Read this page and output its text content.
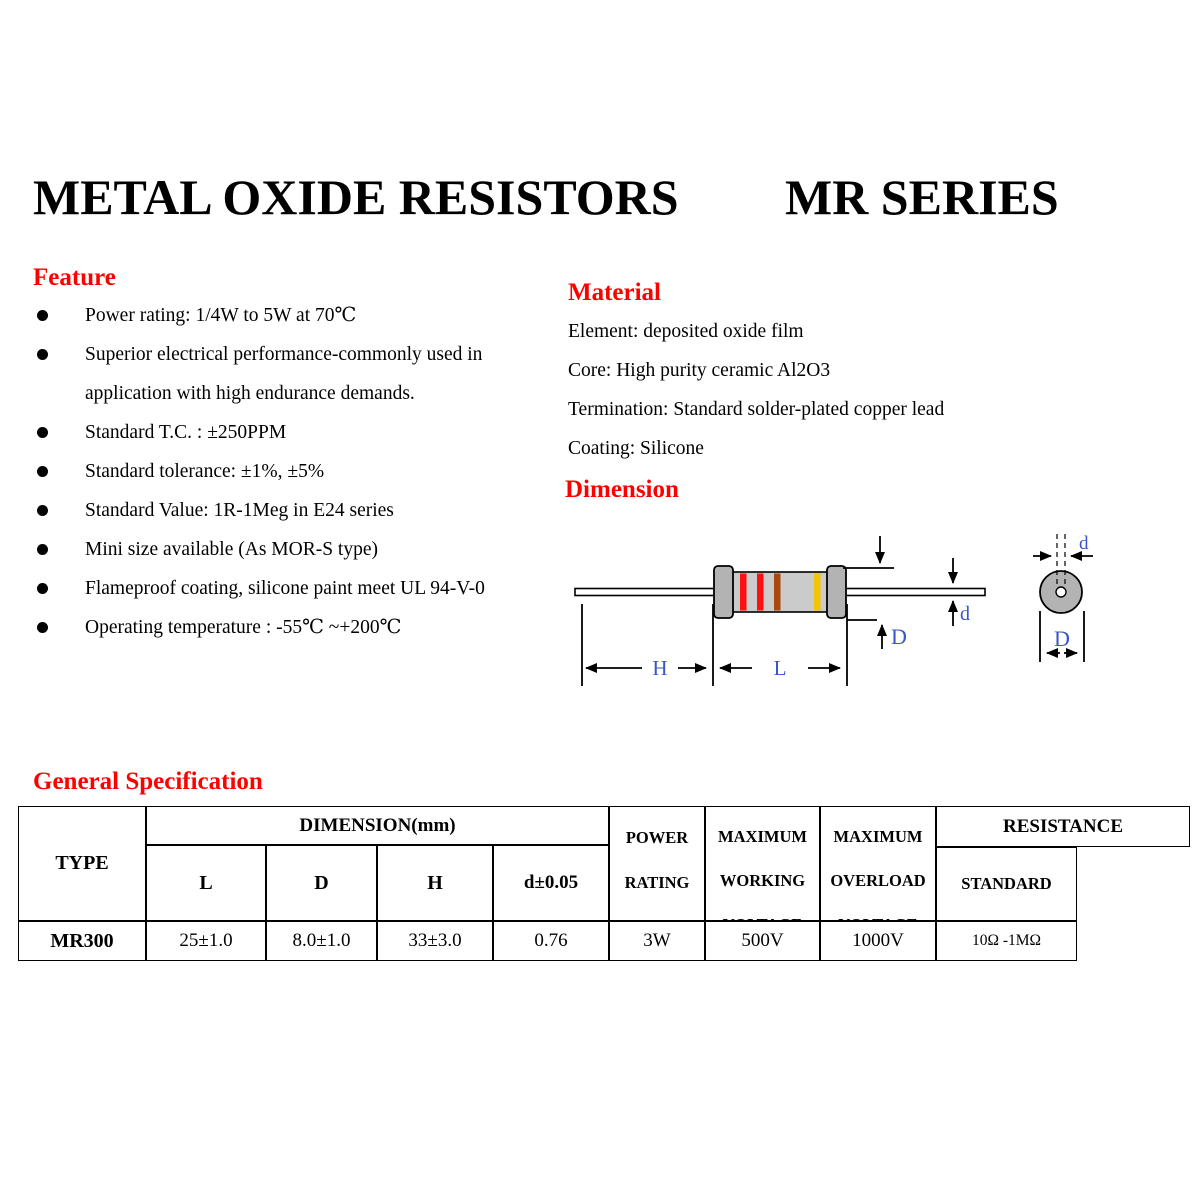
METAL OXIDE RESISTORS MR SERIES
Feature
Power rating: 1/4W to 5W at 70℃
Superior electrical performance-commonly used in
application with high endurance demands.
Standard T.C. : ±250PPM
Standard tolerance: ±1%, ±5%
Standard Value: 1R-1Meg in E24 series
Mini size available (As MOR-S type)
Flameproof coating, silicone paint meet UL 94-V-0
Operating temperature : -55℃ ~+200℃
Material
Element: deposited oxide film
Core: High purity ceramic Al2O3
Termination: Standard solder-plated copper lead
Coating: Silicone
Dimension
H	L
D
d
d
D
General Specification
TYPE
DIMENSION(mm)
L	D	H	d±0.05
POWER
RATING
MAXIMUM
WORKING
MAXIMUM
OVERLOAD
RESISTANCE
STANDARD
MR300	25±1.0	8.0±1.0	33±3.0	0.76	3W	500V	1000V	10Ω -1MΩ
